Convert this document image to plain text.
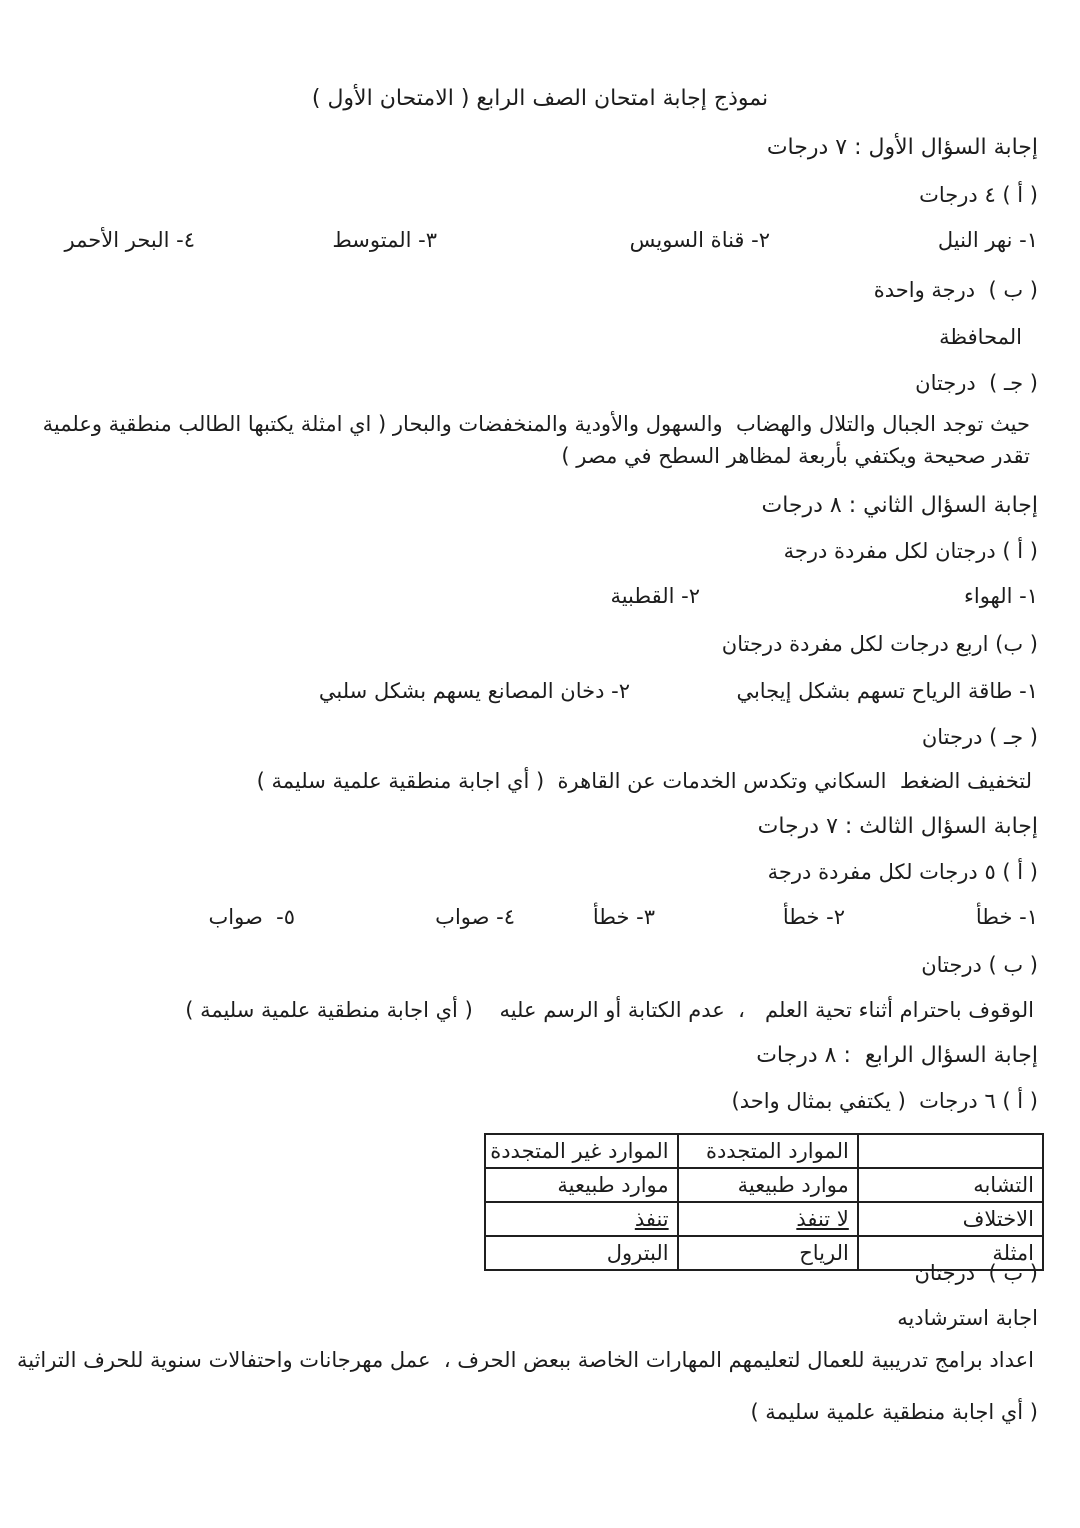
نموذج إجابة امتحان الصف الرابع ( الامتحان الأول )
إجابة السؤال الأول : ٧ درجات
( أ ) ٤ درجات
١- نهر النيل
٢- قناة السويس
٣- المتوسط
٤- البحر الأحمر
( ب )  درجة واحدة
المحافظة
( جـ )  درجتان
حيث توجد الجبال والتلال والهضاب  والسهول والأودية والمنخفضات والبحار ( اي امثلة يكتبها الطالب منطقية وعلمية
تقدر صحيحة ويكتفي بأربعة لمظاهر السطح في مصر )
إجابة السؤال الثاني : ٨ درجات
( أ ) درجتان لكل مفردة درجة
١- الهواء
٢- القطبية
( ب) اربع درجات لكل مفردة درجتان
١- طاقة الرياح تسهم بشكل إيجابي
٢- دخان المصانع يسهم بشكل سلبي
( جـ ) درجتان
لتخفيف الضغط  السكاني وتكدس الخدمات عن القاهرة  ( أي اجابة منطقية علمية سليمة )
إجابة السؤال الثالث : ٧ درجات
( أ ) ٥ درجات لكل مفردة درجة
١- خطأ
٢- خطأ
٣- خطأ
٤- صواب
٥-  صواب
( ب ) درجتان
الوقوف باحترام أثناء تحية العلم   ،  عدم الكتابة أو الرسم عليه    ( أي اجابة منطقية علمية سليمة )
إجابة السؤال الرابع  : ٨ درجات
( أ ) ٦ درجات  ( يكتفي بمثال واحد)
	الموارد المتجددة	الموارد غير المتجددة
التشابه	موارد طبيعية	موارد طبيعية
الاختلاف	لا تنفذ	تنفذ
امثلة	الرياح	البترول
( ب )  درجتان
اجابة استرشاديه
اعداد برامج تدريبية للعمال لتعليمهم المهارات الخاصة ببعض الحرف ،  عمل مهرجانات واحتفالات سنوية للحرف التراثية
( أي اجابة منطقية علمية سليمة )
